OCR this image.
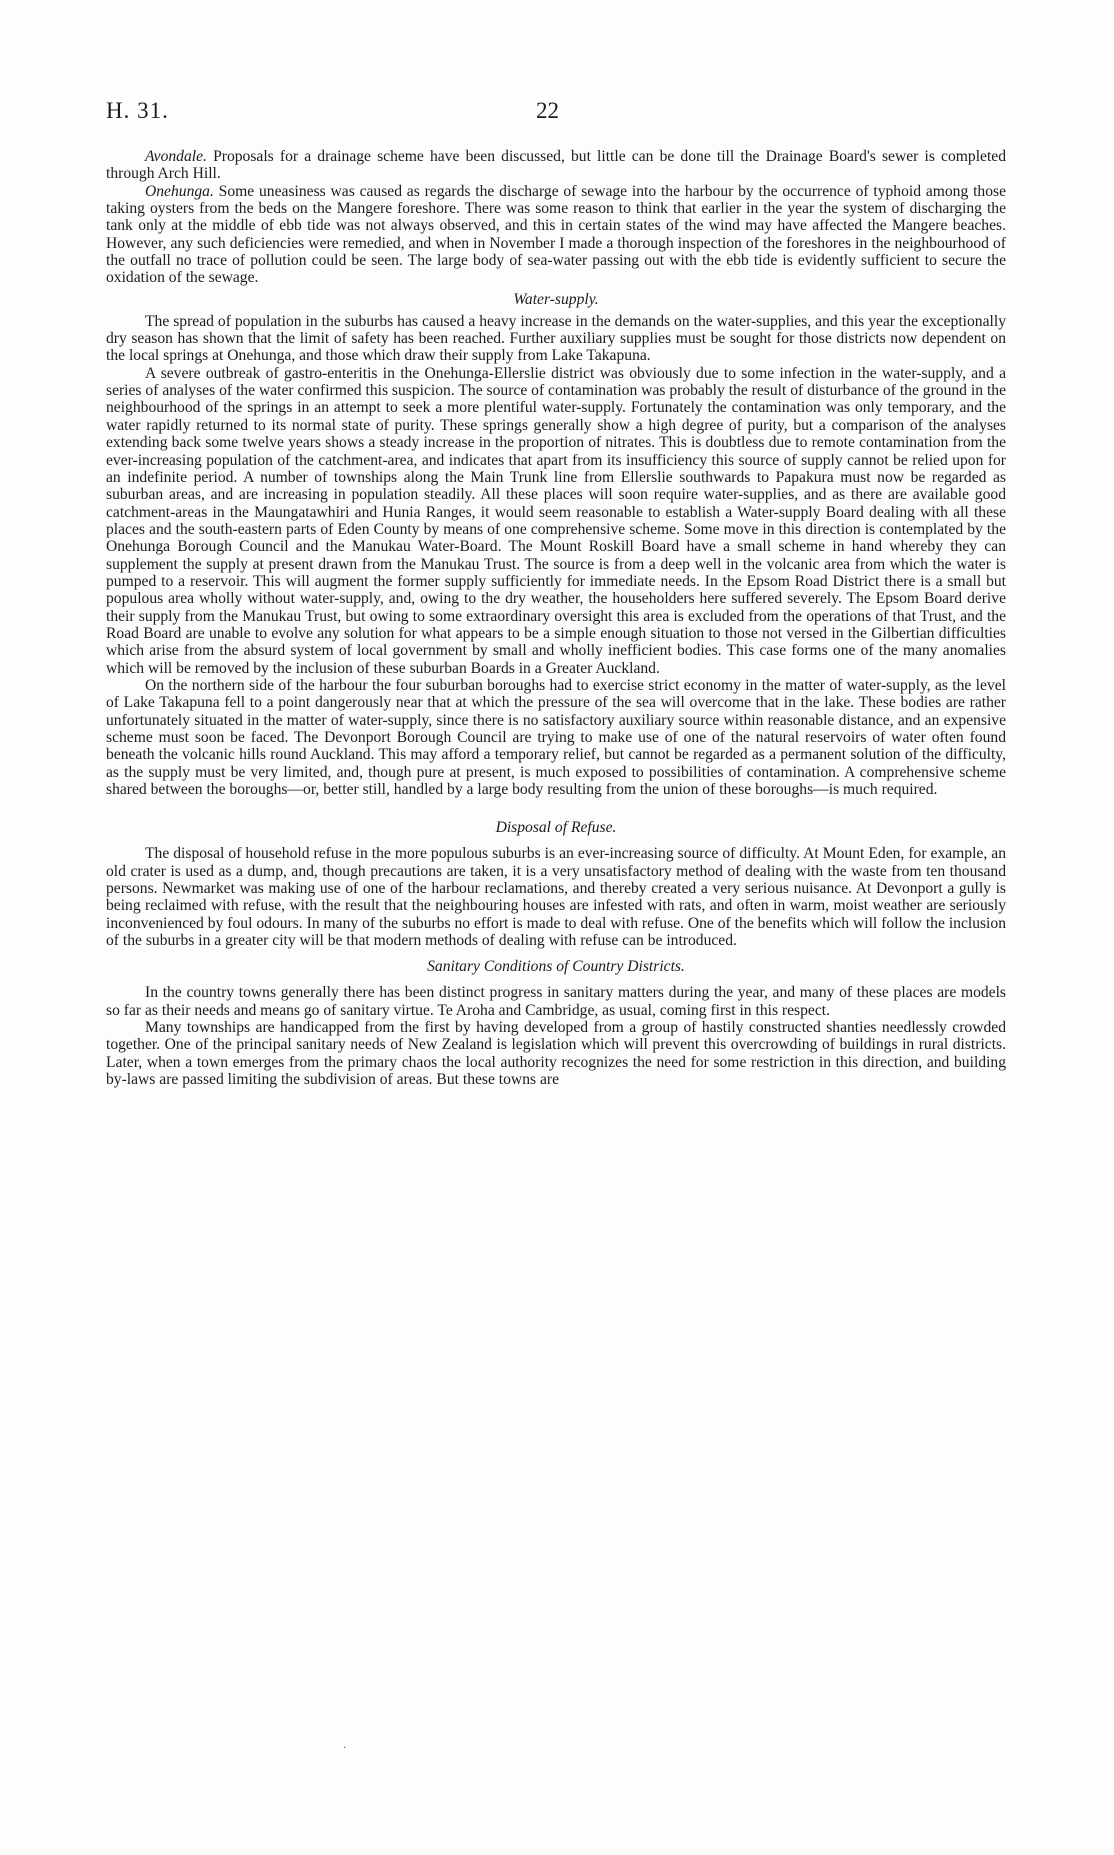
H. 31.	22

Avondale. Proposals for a drainage scheme have been discussed, but little can be done till the Drainage Board's sewer is completed through Arch Hill.

Onehunga. Some uneasiness was caused as regards the discharge of sewage into the harbour by the occurrence of typhoid among those taking oysters from the beds on the Mangere foreshore. There was some reason to think that earlier in the year the system of discharging the tank only at the middle of ebb tide was not always observed, and this in certain states of the wind may have affected the Mangere beaches. However, any such deficiencies were remedied, and when in November I made a thorough inspection of the foreshores in the neighbourhood of the outfall no trace of pollution could be seen. The large body of sea-water passing out with the ebb tide is evidently sufficient to secure the oxidation of the sewage.

Water-supply.

The spread of population in the suburbs has caused a heavy increase in the demands on the water-supplies, and this year the exceptionally dry season has shown that the limit of safety has been reached. Further auxiliary supplies must be sought for those districts now dependent on the local springs at Onehunga, and those which draw their supply from Lake Takapuna.

A severe outbreak of gastro-enteritis in the Onehunga-Ellerslie district was obviously due to some infection in the water-supply, and a series of analyses of the water confirmed this suspicion. The source of contamination was probably the result of disturbance of the ground in the neighbourhood of the springs in an attempt to seek a more plentiful water-supply. Fortunately the contamination was only temporary, and the water rapidly returned to its normal state of purity. These springs generally show a high degree of purity, but a comparison of the analyses extending back some twelve years shows a steady increase in the proportion of nitrates. This is doubtless due to remote contamination from the ever-increasing population of the catchment-area, and indicates that apart from its insufficiency this source of supply cannot be relied upon for an indefinite period. A number of townships along the Main Trunk line from Ellerslie southwards to Papakura must now be regarded as suburban areas, and are increasing in population steadily. All these places will soon require water-supplies, and as there are available good catchment-areas in the Maungatawhiri and Hunia Ranges, it would seem reasonable to establish a Water-supply Board dealing with all these places and the south-eastern parts of Eden County by means of one comprehensive scheme. Some move in this direction is contemplated by the Onehunga Borough Council and the Manukau Water-Board. The Mount Roskill Board have a small scheme in hand whereby they can supplement the supply at present drawn from the Manukau Trust. The source is from a deep well in the volcanic area from which the water is pumped to a reservoir. This will augment the former supply sufficiently for immediate needs. In the Epsom Road District there is a small but populous area wholly without water-supply, and, owing to the dry weather, the householders here suffered severely. The Epsom Board derive their supply from the Manukau Trust, but owing to some extraordinary oversight this area is excluded from the operations of that Trust, and the Road Board are unable to evolve any solution for what appears to be a simple enough situation to those not versed in the Gilbertian difficulties which arise from the absurd system of local government by small and wholly inefficient bodies. This case forms one of the many anomalies which will be removed by the inclusion of these suburban Boards in a Greater Auckland.

On the northern side of the harbour the four suburban boroughs had to exercise strict economy in the matter of water-supply, as the level of Lake Takapuna fell to a point dangerously near that at which the pressure of the sea will overcome that in the lake. These bodies are rather unfortunately situated in the matter of water-supply, since there is no satisfactory auxiliary source within reasonable distance, and an expensive scheme must soon be faced. The Devonport Borough Council are trying to make use of one of the natural reservoirs of water often found beneath the volcanic hills round Auckland. This may afford a temporary relief, but cannot be regarded as a permanent solution of the difficulty, as the supply must be very limited, and, though pure at present, is much exposed to possibilities of contamination. A comprehensive scheme shared between the boroughs—or, better still, handled by a large body resulting from the union of these boroughs—is much required.

Disposal of Refuse.

The disposal of household refuse in the more populous suburbs is an ever-increasing source of difficulty. At Mount Eden, for example, an old crater is used as a dump, and, though precautions are taken, it is a very unsatisfactory method of dealing with the waste from ten thousand persons. Newmarket was making use of one of the harbour reclamations, and thereby created a very serious nuisance. At Devonport a gully is being reclaimed with refuse, with the result that the neighbouring houses are infested with rats, and often in warm, moist weather are seriously inconvenienced by foul odours. In many of the suburbs no effort is made to deal with refuse. One of the benefits which will follow the inclusion of the suburbs in a greater city will be that modern methods of dealing with refuse can be introduced.

Sanitary Conditions of Country Districts.

In the country towns generally there has been distinct progress in sanitary matters during the year, and many of these places are models so far as their needs and means go of sanitary virtue. Te Aroha and Cambridge, as usual, coming first in this respect.

Many townships are handicapped from the first by having developed from a group of hastily constructed shanties needlessly crowded together. One of the principal sanitary needs of New Zealand is legislation which will prevent this overcrowding of buildings in rural districts. Later, when a town emerges from the primary chaos the local authority recognizes the need for some restriction in this direction, and building by-laws are passed limiting the subdivision of areas. But these towns are

·
